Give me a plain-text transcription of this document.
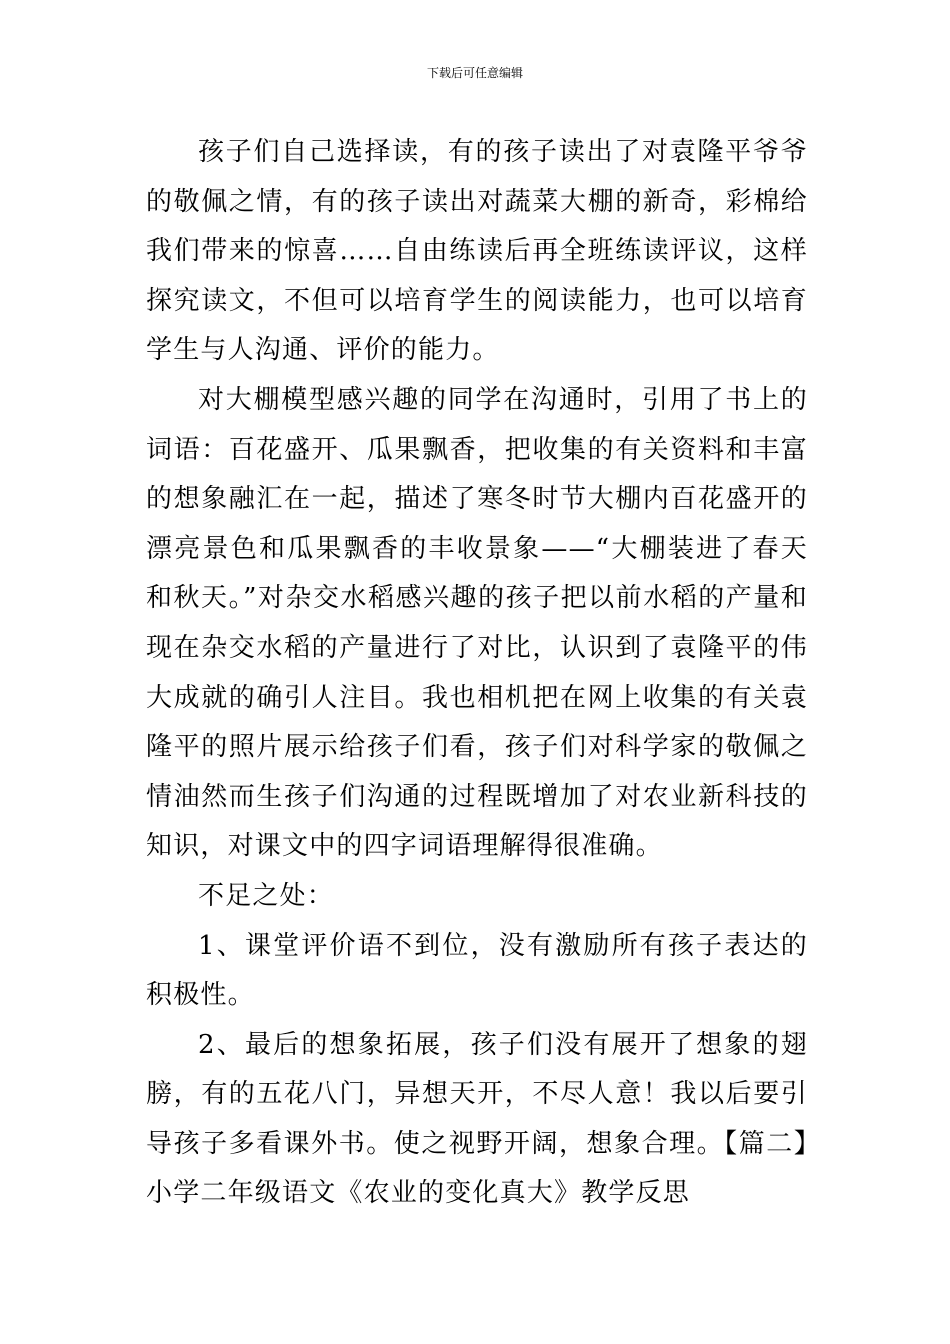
下载后可任意编辑

孩子们自己选择读，有的孩子读出了对袁隆平爷爷的敬佩之情，有的孩子读出对蔬菜大棚的新奇，彩棉给我们带来的惊喜……自由练读后再全班练读评议，这样探究读文，不但可以培育学生的阅读能力，也可以培育学生与人沟通、评价的能力。

对大棚模型感兴趣的同学在沟通时，引用了书上的词语：百花盛开、瓜果飘香，把收集的有关资料和丰富的想象融汇在一起，描述了寒冬时节大棚内百花盛开的漂亮景色和瓜果飘香的丰收景象——“大棚装进了春天和秋天。”对杂交水稻感兴趣的孩子把以前水稻的产量和现在杂交水稻的产量进行了对比，认识到了袁隆平的伟大成就的确引人注目。我也相机把在网上收集的有关袁隆平的照片展示给孩子们看，孩子们对科学家的敬佩之情油然而生孩子们沟通的过程既增加了对农业新科技的知识，对课文中的四字词语理解得很准确。

不足之处：

1、课堂评价语不到位，没有激励所有孩子表达的积极性。

2、最后的想象拓展，孩子们没有展开了想象的翅膀，有的五花八门，异想天开，不尽人意！我以后要引导孩子多看课外书。使之视野开阔，想象合理。【篇二】小学二年级语文《农业的变化真大》教学反思
